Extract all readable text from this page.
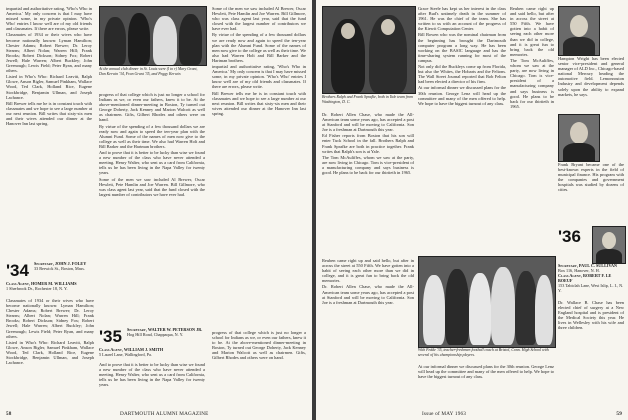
impartial and authoritative rating, 'Who's Who in America.' My only concern is that I may have missed some, in my private opinion. 'Who's Who' entries I know well are of my old friends and classmates. If there are errors, please write.

Classmates of 1934 or their wives who have become nationally known: Lyman Hamilton; Chester Adams; Robert Brewer; Dr. Leroy Stearns; Albert Nolan; Warren Hill; Frank Brooks; Robert Dickson; Sidney Fox; Robert Jewell; Hale Warren; Albert Buckley; John Greenough; Lewis Field; Peter Ryan, and many others.

Listed in Who's Who: Richard Leavitt, Ralph Glowe, Anson Bigler, Samuel Pinkham, Wallace Wood, Ted Clark, Holland Rice, Eugene Stockbridge, Benjamin Ullman, and Joseph Lachance.

Bill Brewer tells me he is in constant touch with classmates and we hope to see a large number at our next reunion. Bill writes that sixty-six men and their wives attended our dinner at the Hanover Inn last spring.

At the annual club dinner in St. Louis were (l to r) Mary Grant, Dan Kerwin '34, Fran Grant '35, and Peggy Kerwin.

progress of that college which is just no longer a school for Indians as we, or even our fathers, knew it to be. At the above-mentioned dinner-meeting in Boston, Ty turned out George Doherty, Jack Kenney and Marion Walcott as well as chairmen. Gifts, Gilbert Rhodes and others were on hand.

By virtue of the spending of a few thousand dollars we are ready now and again to speed the ten-year plan with the Alumni Fund. Some of the names of men now give to the college as well as their time. We also had Warren Holt and Bill Barker and the Hartman brothers.

And to prove that it is better to be lucky than wise we found a new number of the class who have never attended a meeting. Henry Walter, who sent us a card from California, tells us he has been living in the Napa Valley for twenty years.

Some of the men we saw included Al Brewer, Oscar Hewlett, Pete Hamlin and Joe Warren. Bill Gillmore, who was class agent last year, said that the fund closed with the largest number of contributors we have ever had.

Some of the men we saw included Al Brewer, Oscar Hewlett, Pete Hamlin and Joe Warren. Bill Gillmore, who was class agent last year, said that the fund closed with the largest number of contributors we have ever had.

By virtue of the spending of a few thousand dollars we are ready now and again to speed the ten-year plan with the Alumni Fund. Some of the names of men now give to the college as well as their time. We also had Warren Holt and Bill Barker and the Hartman brothers.

impartial and authoritative rating, 'Who's Who in America.' My only concern is that I may have missed some, in my private opinion. 'Who's Who' entries I know well are of my old friends and classmates. If there are errors, please write.

Bill Brewer tells me he is in constant touch with classmates and we hope to see a large number at our next reunion. Bill writes that sixty-six men and their wives attended our dinner at the Hanover Inn last spring.

'34 Secretary, JOHN J. FOLEY
33 Berwick St., Boston, Mass.
Class Agent, HOMER M. WILLIAMS
1 Sherbrook Dr., Rochester 18, N. Y.

Classmates of 1934 or their wives who have become nationally known: Lyman Hamilton; Chester Adams; Robert Brewer; Dr. Leroy Stearns; Albert Nolan; Warren Hill; Frank Brooks; Robert Dickson; Sidney Fox; Robert Jewell; Hale Warren; Albert Buckley; John Greenough; Lewis Field; Peter Ryan, and many others.

Listed in Who's Who: Richard Leavitt, Ralph Glowe, Anson Bigler, Samuel Pinkham, Wallace Wood, Ted Clark, Holland Rice, Eugene Stockbridge, Benjamin Ullman, and Joseph Lachance.

'35 Secretary, WALTER W. PETERSON JR.
Hog Hill Road, Chappaqua, N. Y.
Class Agent, WILLIAM J. SMITH
5 Laurel Lane, Wallingford, Pa.

And to prove that it is better to be lucky than wise we found a new number of the class who have never attended a meeting. Henry Walter, who sent us a card from California, tells us he has been living in the Napa Valley for twenty years.

progress of that college which is just no longer a school for Indians as we, or even our fathers, knew it to be. At the above-mentioned dinner-meeting in Boston, Ty turned out George Doherty, Jack Kenney and Marion Walcott as well as chairmen. Gifts, Gilbert Rhodes and others were on hand.

58	DARTMOUTH ALUMNI MAGAZINE
Brothers Ralph and Frank Sprafke, both in Yale team from Washington, D. C.

Dr. Robert Allen Chase, who made the All-American team some years ago, has accepted a post at Stanford and will be moving to California. Son Joe is a freshman at Dartmouth this year.

Ed Fisher reports from Boston that his son will enter Tuck School in the fall. Brothers Ralph and Frank Sprafke are both in practice together. Frank writes that Ralph's son is at Yale.

The Tom McAuliffes, whom we saw at the party, are now living in Chicago. Tom is vice-president of a manufacturing company and says business is good. He plans to be back for our thirtieth in 1965.

Grace Steele has kept us her interest in the class after Bud's untimely death in the summer of 1961. He was the chief of the team. She has written to us with an account of the progress of the Kiewit Computation Center.

Bill Bowen who was the nominal chairman from the beginning has brought the Dartmouth computer program a long way. He has been working on the BASIC language and has the time-sharing system running for most of the campus.

Not only did the Buckleys come up from Florida, but also the Whites, the Hobarts and the Feltons. The Wall Street Journal reported that Bob Felton had been elected a director of his firm.

At our informal dinner we discussed plans for the 30th reunion. George Lenz will head up the committee and many of the men offered to help. We hope to have the biggest turnout of any class.

Reuben came right up and said hello, but after in across the street at 550 Fifth. We have gotten into a habit of seeing each other more than we did in college, and it is great fun to bring back the old memories.

The Tom McAuliffes, whom we saw at the party, are now living in Chicago. Tom is vice-president of a manufacturing company and says business is good. He plans to be back for our thirtieth in 1965.

Hampton Wright has been elected senior vice-president and general manager of ALD Inc., Chicago-based national Mercury heading the automotive field. Lemonrouton Industry and development depends solely upon the ability to expand markets, he says.

Frank Bryant became one of the best-known experts in the field of municipal finance. His program with the companies and government hospitals was studied by dozens of cities.

'36
Secretary, PAUL C. SULLIVAN
Box 116, Hanover, N. H.
Class Agent, ROBERT F. LE BOEUF
153 Tabiclah Lane, West Islip, L. I., N. Y.

Dr. Wallace B. Chase has been elected chief of surgery at a New England hospital and is president of the Medical Society this year. He lives in Wellesley with his wife and three children.

With Fedde '35, teacher-freshmen football coach at Bristol, Conn. High School with several of his championship players.

At our informal dinner we discussed plans for the 30th reunion. George Lenz will head up the committee and many of the men offered to help. We hope to have the biggest turnout of any class.

Reuben came right up and said hello, but after in across the street at 550 Fifth. We have gotten into a habit of seeing each other more than we did in college, and it is great fun to bring back the old memories.

Dr. Robert Allen Chase, who made the All-American team some years ago, has accepted a post at Stanford and will be moving to California. Son Joe is a freshman at Dartmouth this year.

Issue of MAY 1963	59
